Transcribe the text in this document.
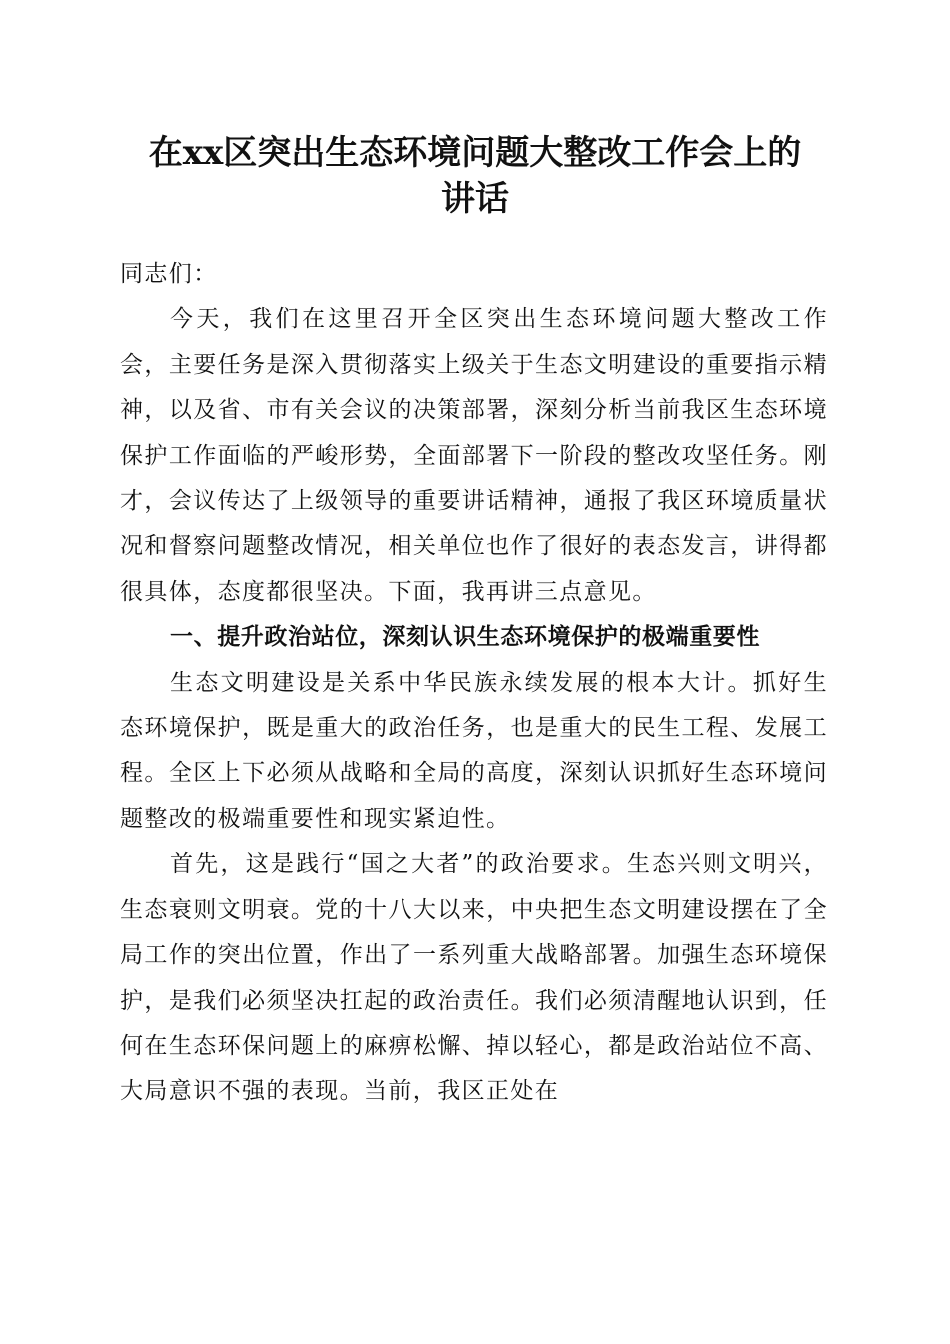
在xx区突出生态环境问题大整改工作会上的
讲话

同志们：

今天，我们在这里召开全区突出生态环境问题大整改工作会，主要任务是深入贯彻落实上级关于生态文明建设的重要指示精神，以及省、市有关会议的决策部署，深刻分析当前我区生态环境保护工作面临的严峻形势，全面部署下一阶段的整改攻坚任务。刚才，会议传达了上级领导的重要讲话精神，通报了我区环境质量状况和督察问题整改情况，相关单位也作了很好的表态发言，讲得都很具体，态度都很坚决。下面，我再讲三点意见。

一、提升政治站位，深刻认识生态环境保护的极端重要性

生态文明建设是关系中华民族永续发展的根本大计。抓好生态环境保护，既是重大的政治任务，也是重大的民生工程、发展工程。全区上下必须从战略和全局的高度，深刻认识抓好生态环境问题整改的极端重要性和现实紧迫性。

首先，这是践行“国之大者”的政治要求。生态兴则文明兴，生态衰则文明衰。党的十八大以来，中央把生态文明建设摆在了全局工作的突出位置，作出了一系列重大战略部署。加强生态环境保护，是我们必须坚决扛起的政治责任。我们必须清醒地认识到，任何在生态环保问题上的麻痹松懈、掉以轻心，都是政治站位不高、大局意识不强的表现。当前，我区正处在
